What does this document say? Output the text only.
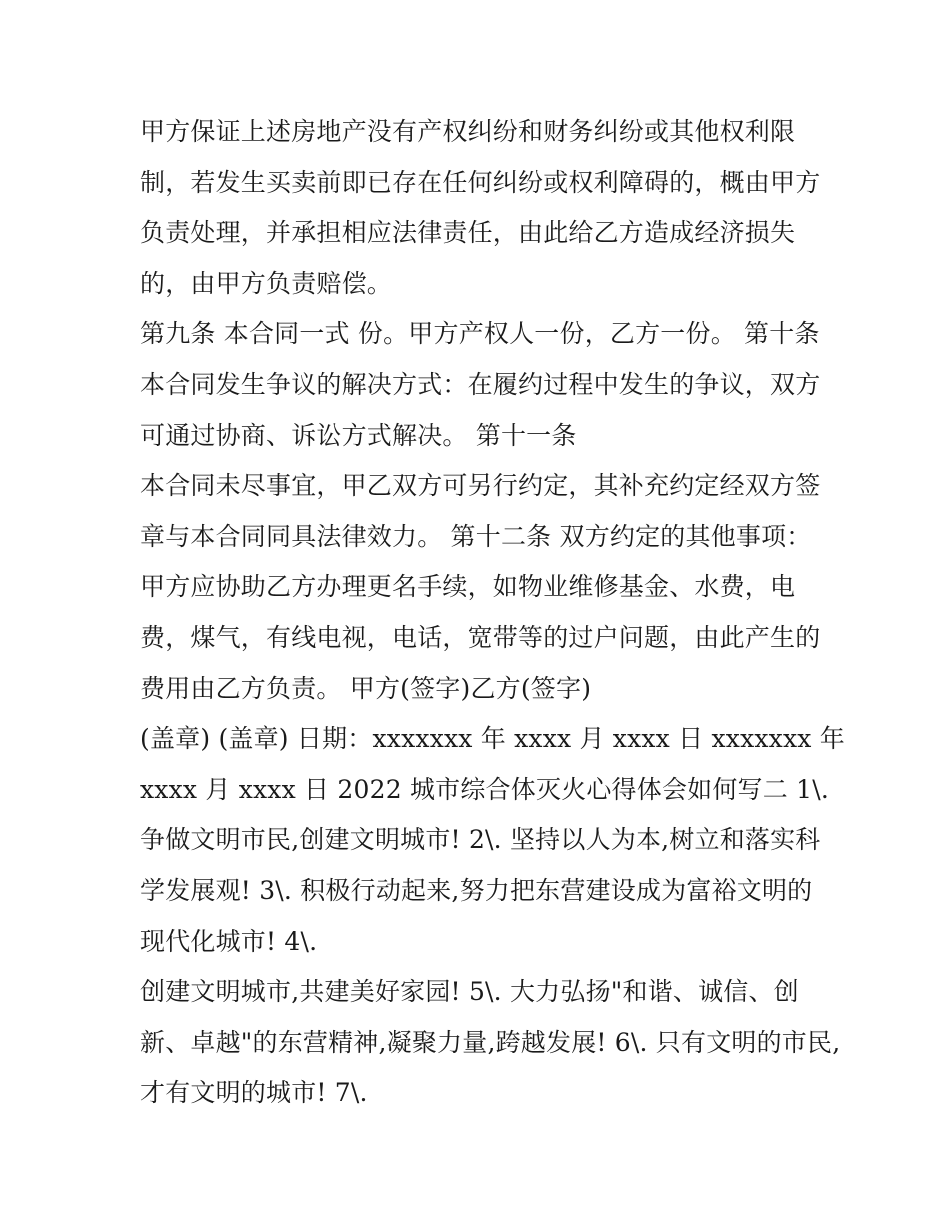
甲方保证上述房地产没有产权纠纷和财务纠纷或其他权利限
制，若发生买卖前即已存在任何纠纷或权利障碍的，概由甲方
负责处理，并承担相应法律责任，由此给乙方造成经济损失
的，由甲方负责赔偿。
第九条 本合同一式 份。甲方产权人一份，乙方一份。 第十条
本合同发生争议的解决方式：在履约过程中发生的争议，双方
可通过协商、诉讼方式解决。 第十一条
本合同未尽事宜，甲乙双方可另行约定，其补充约定经双方签
章与本合同同具法律效力。 第十二条 双方约定的其他事项：
甲方应协助乙方办理更名手续，如物业维修基金、水费，电
费，煤气，有线电视，电话，宽带等的过户问题，由此产生的
费用由乙方负责。 甲方(签字)乙方(签字)
(盖章) (盖章) 日期：xxxxxxx 年 xxxx 月 xxxx 日 xxxxxxx 年
xxxx 月 xxxx 日 2022 城市综合体灭火心得体会如何写二 1\.
争做文明市民,创建文明城市! 2\. 坚持以人为本,树立和落实科
学发展观! 3\. 积极行动起来,努力把东营建设成为富裕文明的
现代化城市! 4\.
创建文明城市,共建美好家园! 5\. 大力弘扬"和谐、诚信、创
新、卓越"的东营精神,凝聚力量,跨越发展! 6\. 只有文明的市民,
才有文明的城市! 7\.
